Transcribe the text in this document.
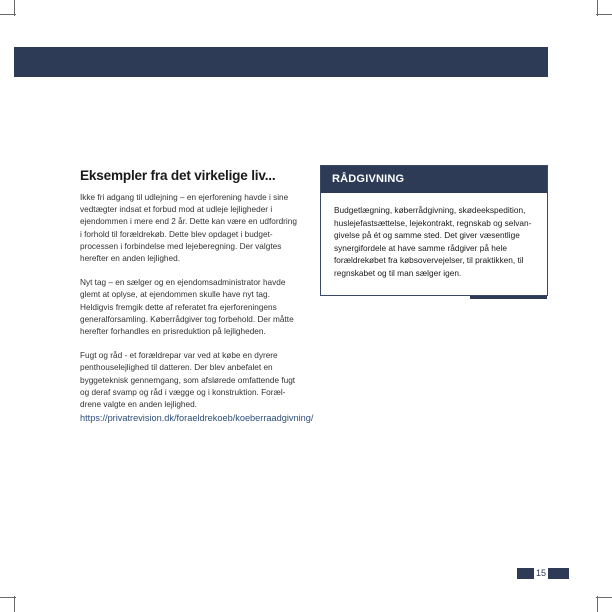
Eksempler fra det virkelige liv...

Ikke fri adgang til udlejning – en ejerforening havde i sine
vedtægter indsat et forbud mod at udleje lejligheder i
ejendommen i mere end 2 år. Dette kan være en udfordring
i forhold til forældrekøb. Dette blev opdaget i budget-
processen i forbindelse med lejeberegning. Der valgtes
herefter en anden lejlighed.

Nyt tag – en sælger og en ejendomsadministrator havde
glemt at oplyse, at ejendommen skulle have nyt tag.
Heldigvis fremgik dette af referatet fra ejerforeningens
generalforsamling. Køberrådgiver tog forbehold. Der måtte
herefter forhandles en prisreduktion på lejligheden.

Fugt og råd - et forældrepar var ved at købe en dyrere
penthouselejlighed til datteren. Der blev anbefalet en
byggeteknisk gennemgang, som afslørede omfattende fugt
og deraf svamp og råd i vægge og i konstruktion. Foræl-
drene valgte en anden lejlighed.

https://privatrevision.dk/foraeldrekoeb/koeberraadgivning/
RÅDGIVNING
Budgetlægning, køberrådgivning, skødeekspedition,
huslejefastsættelse, lejekontrakt, regnskab og selvan-
givelse på ét og samme sted. Det giver væsentlige
synergifordele at have samme rådgiver på hele
forældrekøbet fra købsovervejelser, til praktikken, til
regnskabet og til man sælger igen.
15
